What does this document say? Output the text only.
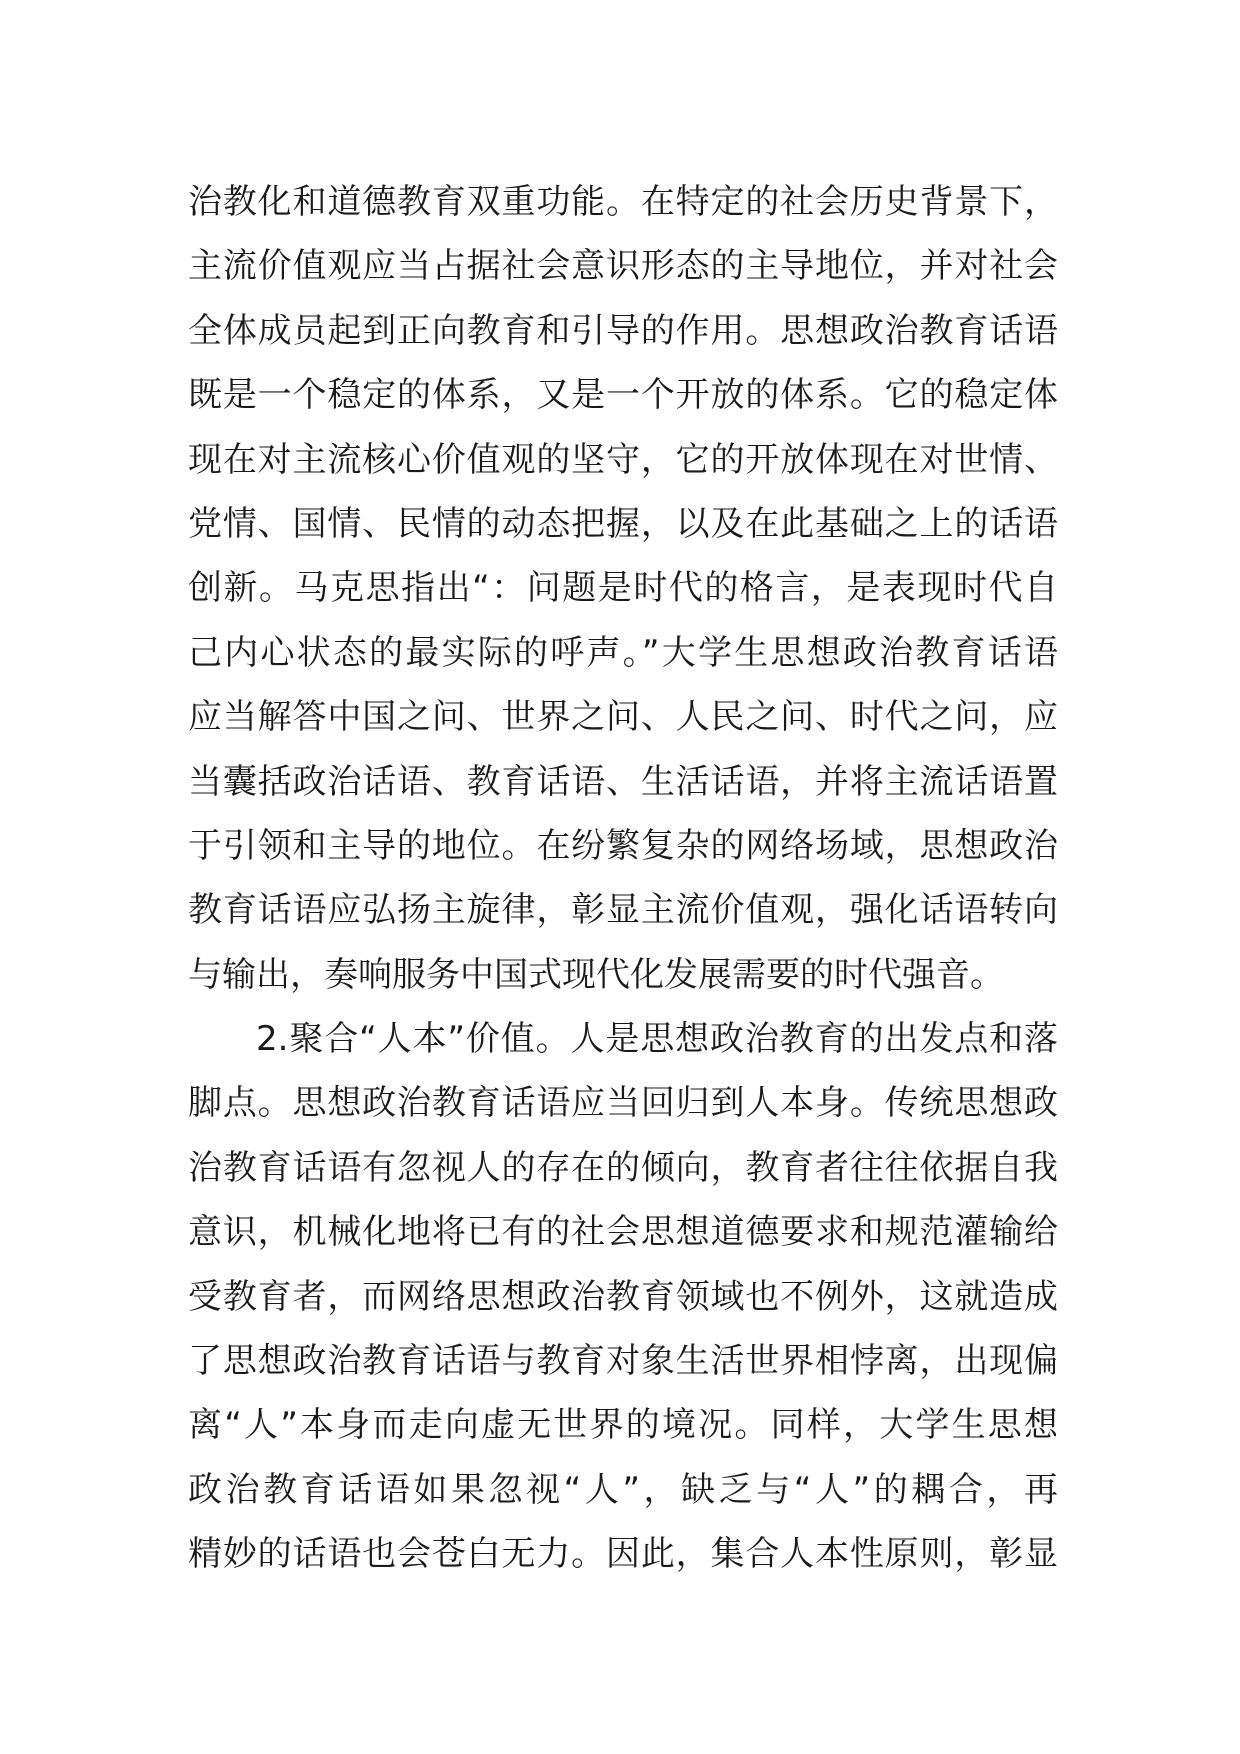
治教化和道德教育双重功能。在特定的社会历史背景下，
主流价值观应当占据社会意识形态的主导地位，并对社会
全体成员起到正向教育和引导的作用。思想政治教育话语
既是一个稳定的体系，又是一个开放的体系。它的稳定体
现在对主流核心价值观的坚守，它的开放体现在对世情、
党情、国情、民情的动态把握，以及在此基础之上的话语
创新。马克思指出“：问题是时代的格言，是表现时代自
己内心状态的最实际的呼声。”大学生思想政治教育话语
应当解答中国之问、世界之问、人民之问、时代之问，应
当囊括政治话语、教育话语、生活话语，并将主流话语置
于引领和主导的地位。在纷繁复杂的网络场域，思想政治
教育话语应弘扬主旋律，彰显主流价值观，强化话语转向
与输出，奏响服务中国式现代化发展需要的时代强音。
2.聚合“人本”价值。人是思想政治教育的出发点和落
脚点。思想政治教育话语应当回归到人本身。传统思想政
治教育话语有忽视人的存在的倾向，教育者往往依据自我
意识，机械化地将已有的社会思想道德要求和规范灌输给
受教育者，而网络思想政治教育领域也不例外，这就造成
了思想政治教育话语与教育对象生活世界相悖离，出现偏
离“人”本身而走向虚无世界的境况。同样，大学生思想
政治教育话语如果忽视“人”，缺乏与“人”的耦合，再
精妙的话语也会苍白无力。因此，集合人本性原则，彰显
